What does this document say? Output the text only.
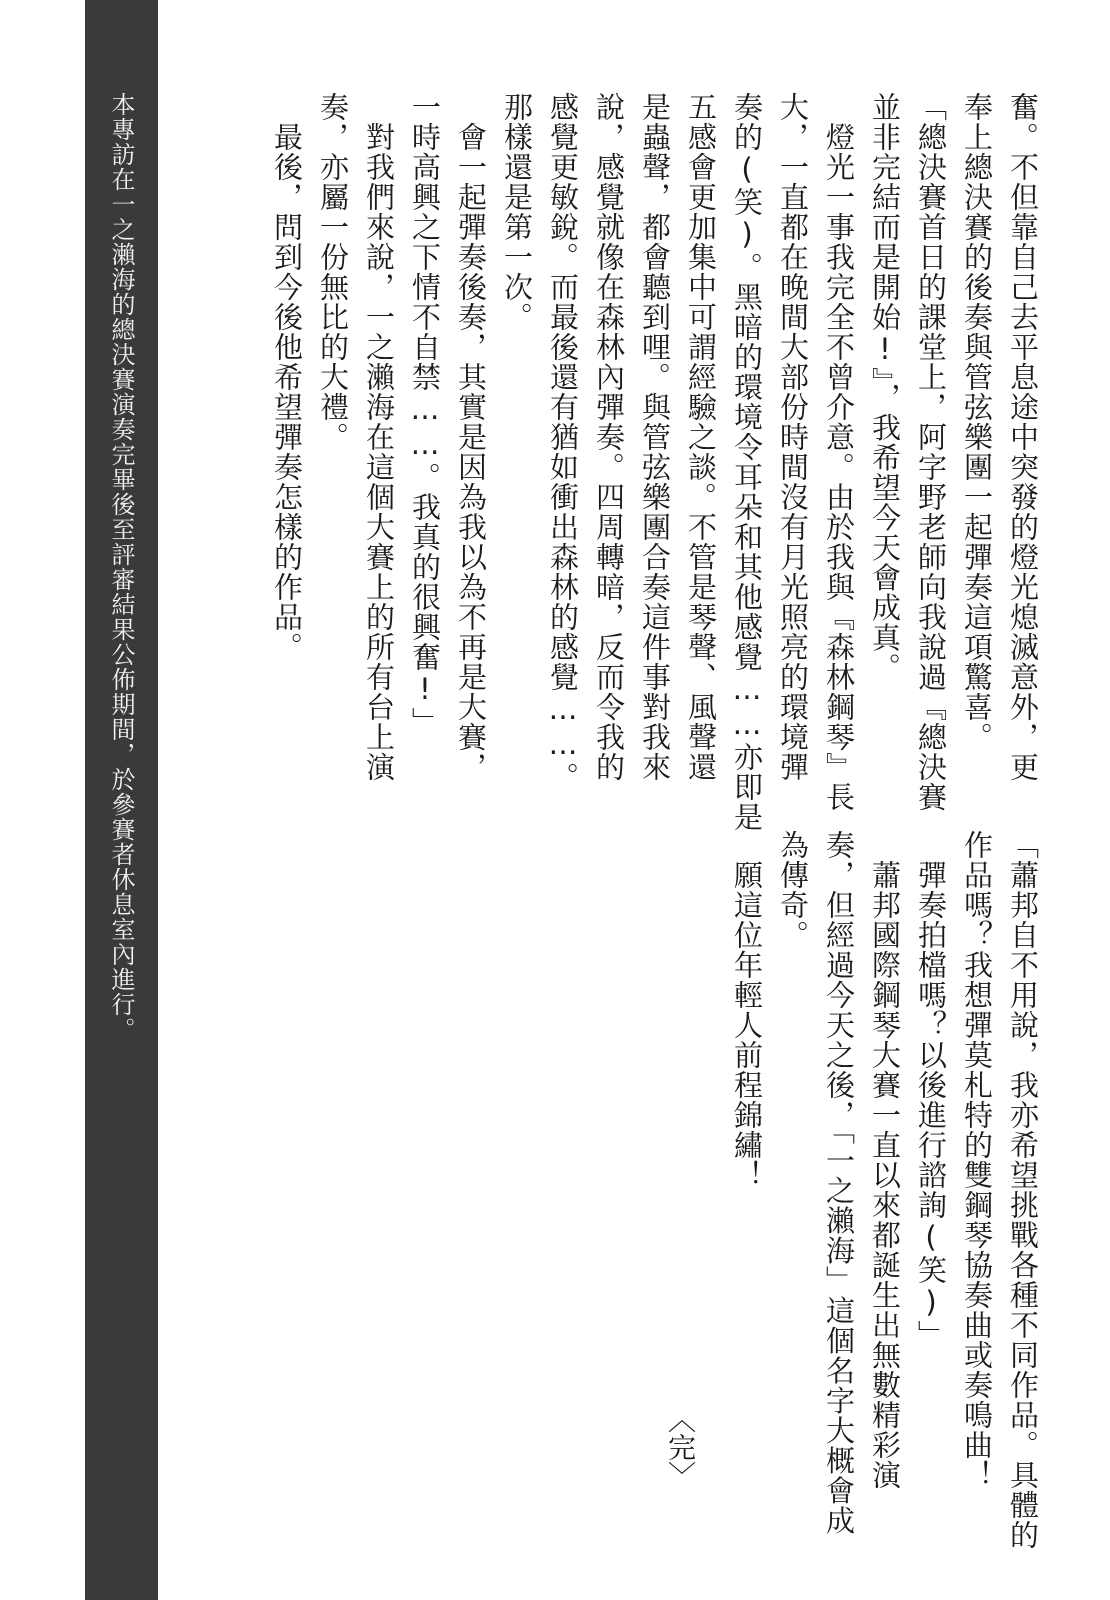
本專訪在一之瀨海的總決賽演奏完畢後至評審結果公佈期間，於參賽者休息室內進行。	奮。不但靠自己去平息途中突發的燈光熄滅意外，更
奉上總決賽的後奏與管弦樂團一起彈奏這項驚喜。
「總決賽首日的課堂上，阿字野老師向我說過『總決賽
並非完結而是開始!』，我希望今天會成真。
　燈光一事我完全不曾介意。由於我與『森林鋼琴』長
大，一直都在晚間大部份時間沒有月光照亮的環境彈
奏的(笑)。黑暗的環境令耳朵和其他感覺……亦即是
五感會更加集中可謂經驗之談。不管是琴聲、風聲還
是蟲聲，都會聽到哩。與管弦樂團合奏這件事對我來
說，感覺就像在森林內彈奏。四周轉暗，反而令我的
感覺更敏銳。而最後還有猶如衝出森林的感覺……。
那樣還是第一次。
　會一起彈奏後奏，其實是因為我以為不再是大賽，
一時高興之下情不自禁……。我真的很興奮!」
　對我們來說，一之瀨海在這個大賽上的所有台上演
奏，亦屬一份無比的大禮。
　最後，問到今後他希望彈奏怎樣的作品。
「蕭邦自不用說，我亦希望挑戰各種不同作品。具體的
作品嗎？我想彈莫札特的雙鋼琴協奏曲或奏鳴曲！
　彈奏拍檔嗎？以後進行諮詢(笑)」
　蕭邦國際鋼琴大賽一直以來都誕生出無數精彩演
奏，但經過今天之後，「一之瀨海」這個名字大概會成
為傳奇。
　願這位年輕人前程錦繡！
〈完〉
